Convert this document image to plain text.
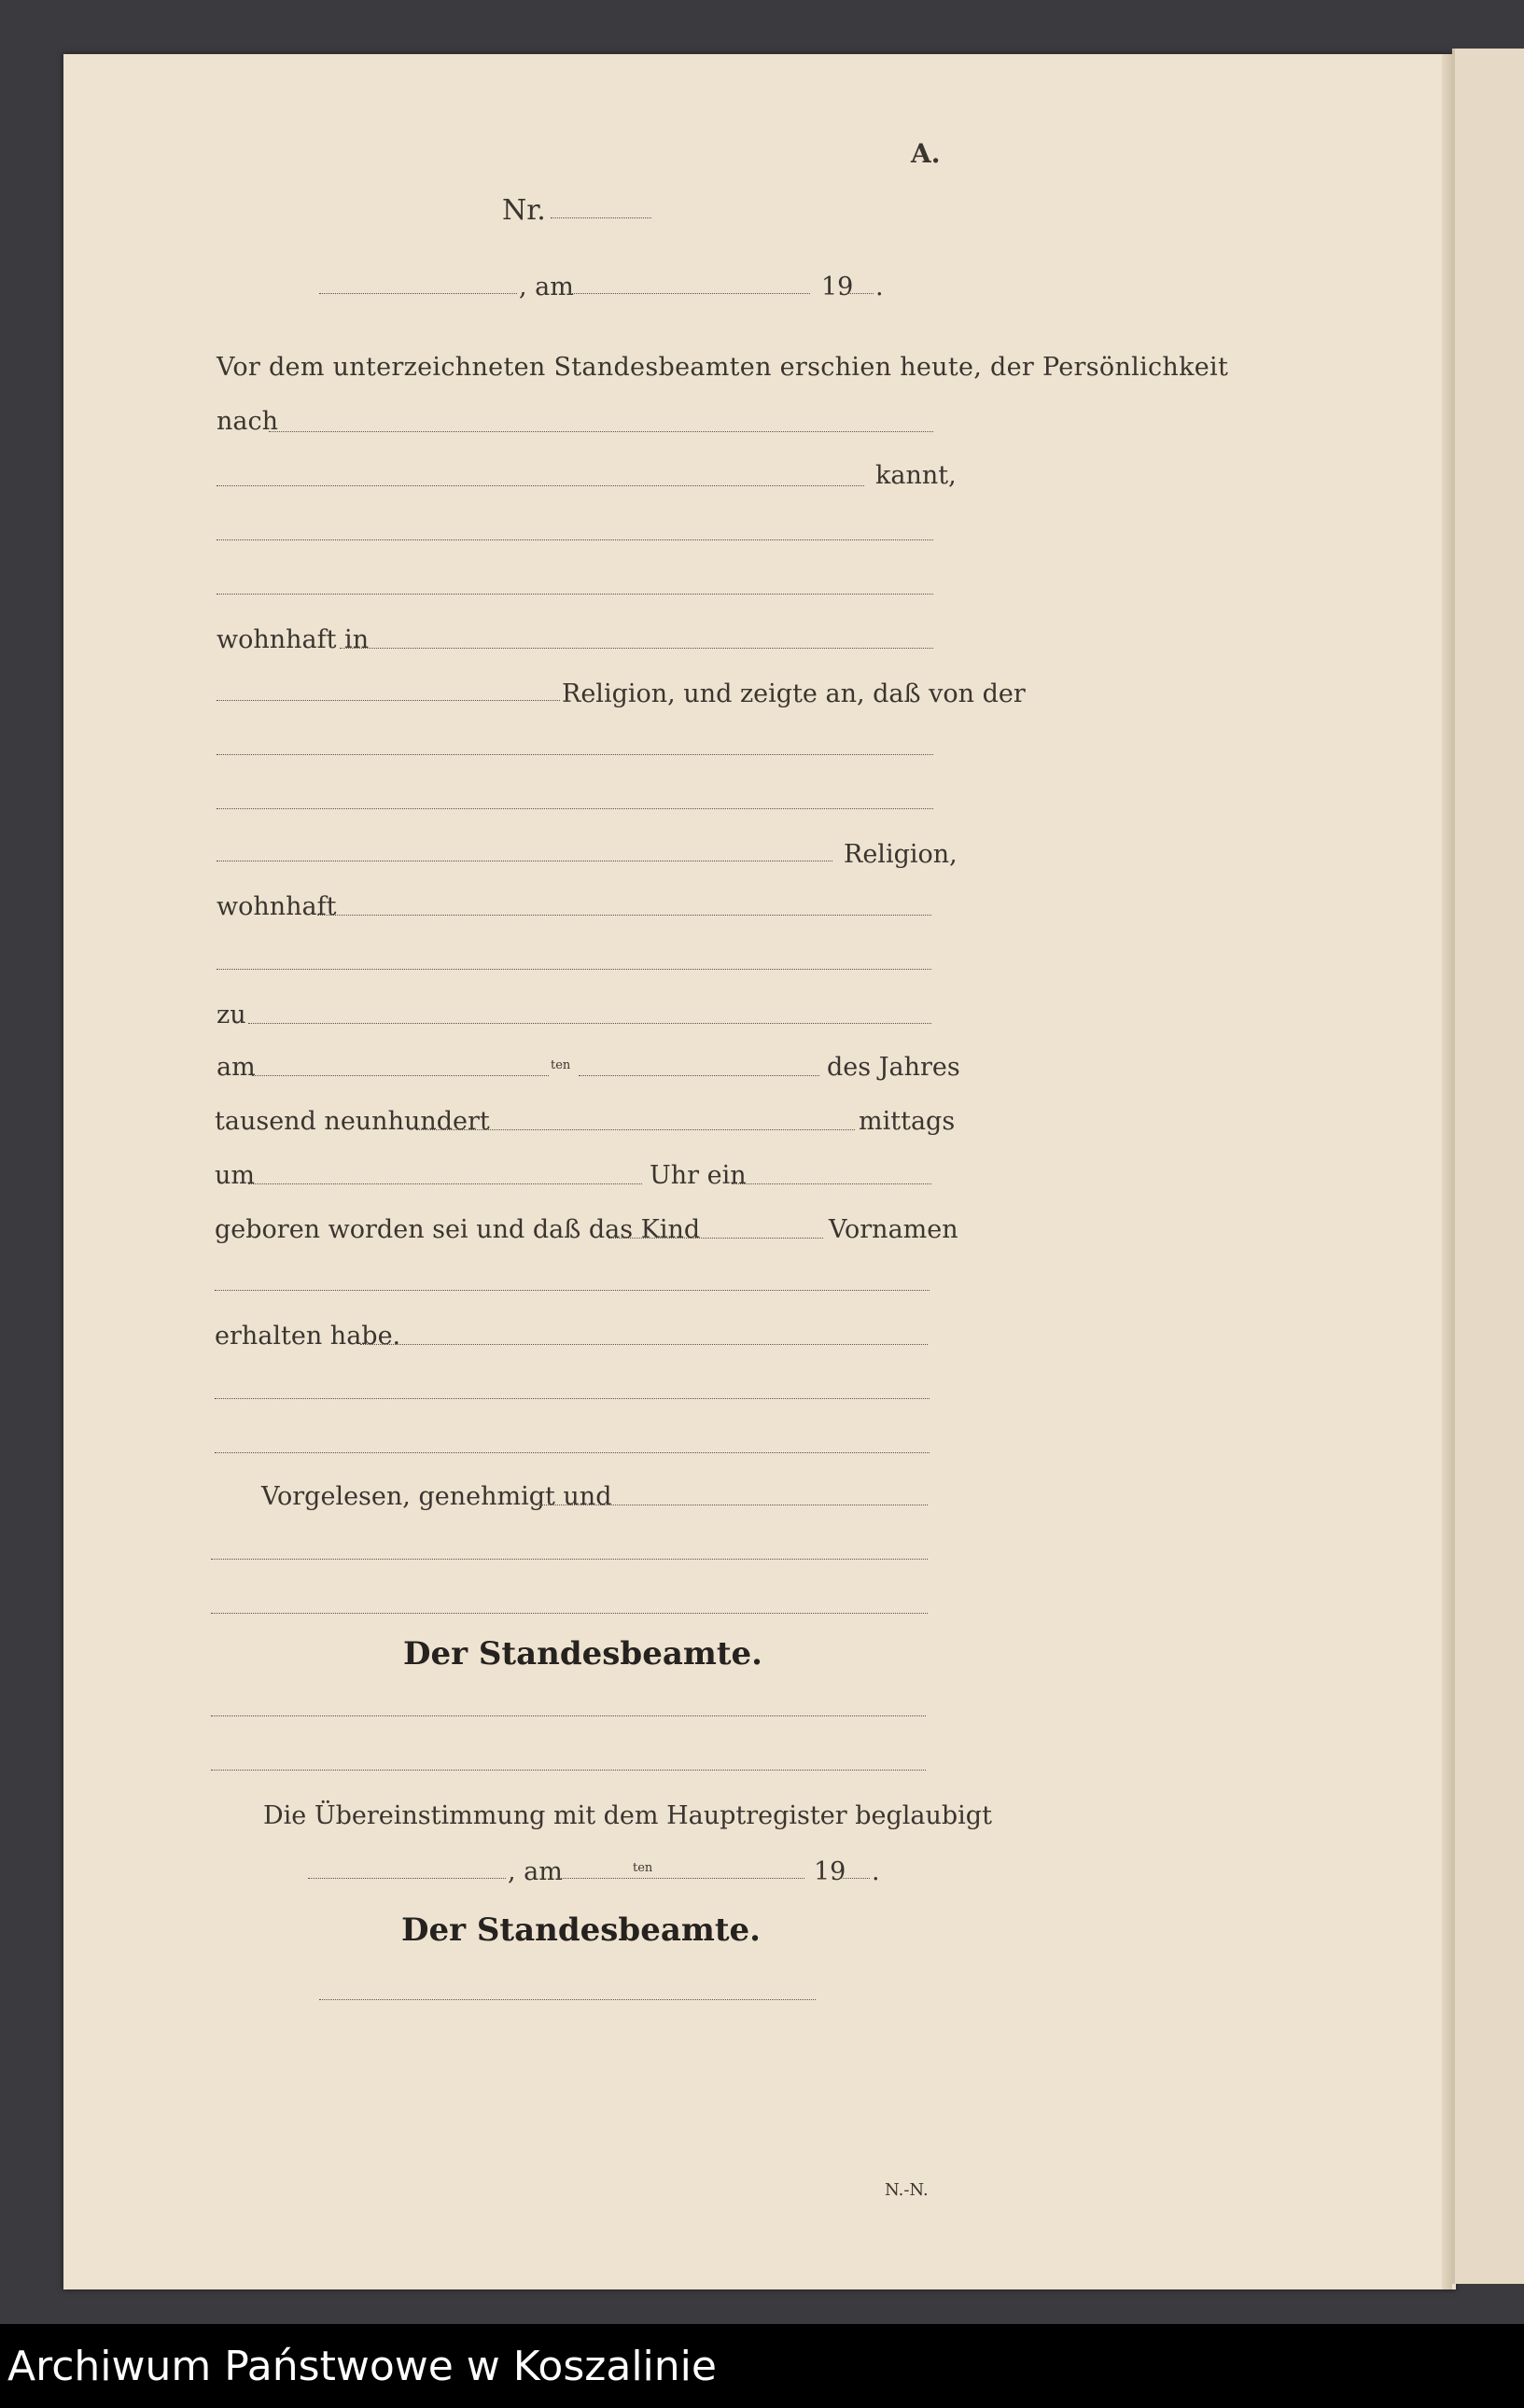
A.
Nr.
, am	19 .
Vor dem unterzeichneten Standesbeamten erschien heute, der Persönlichkeit
nach
kannt,
wohnhaft in
Religion, und zeigte an, daß von der
Religion,
wohnhaft
zu
am	ten	des Jahres
tausend neunhundert	mittags
um	Uhr ein
geboren worden sei und daß das Kind	Vornamen
erhalten habe.
Vorgelesen, genehmigt und
Der Standesbeamte.
Die Übereinstimmung mit dem Hauptregister beglaubigt
, am	ten	19 .
Der Standesbeamte.
N.-N.
Archiwum Państwowe w Koszalinie
